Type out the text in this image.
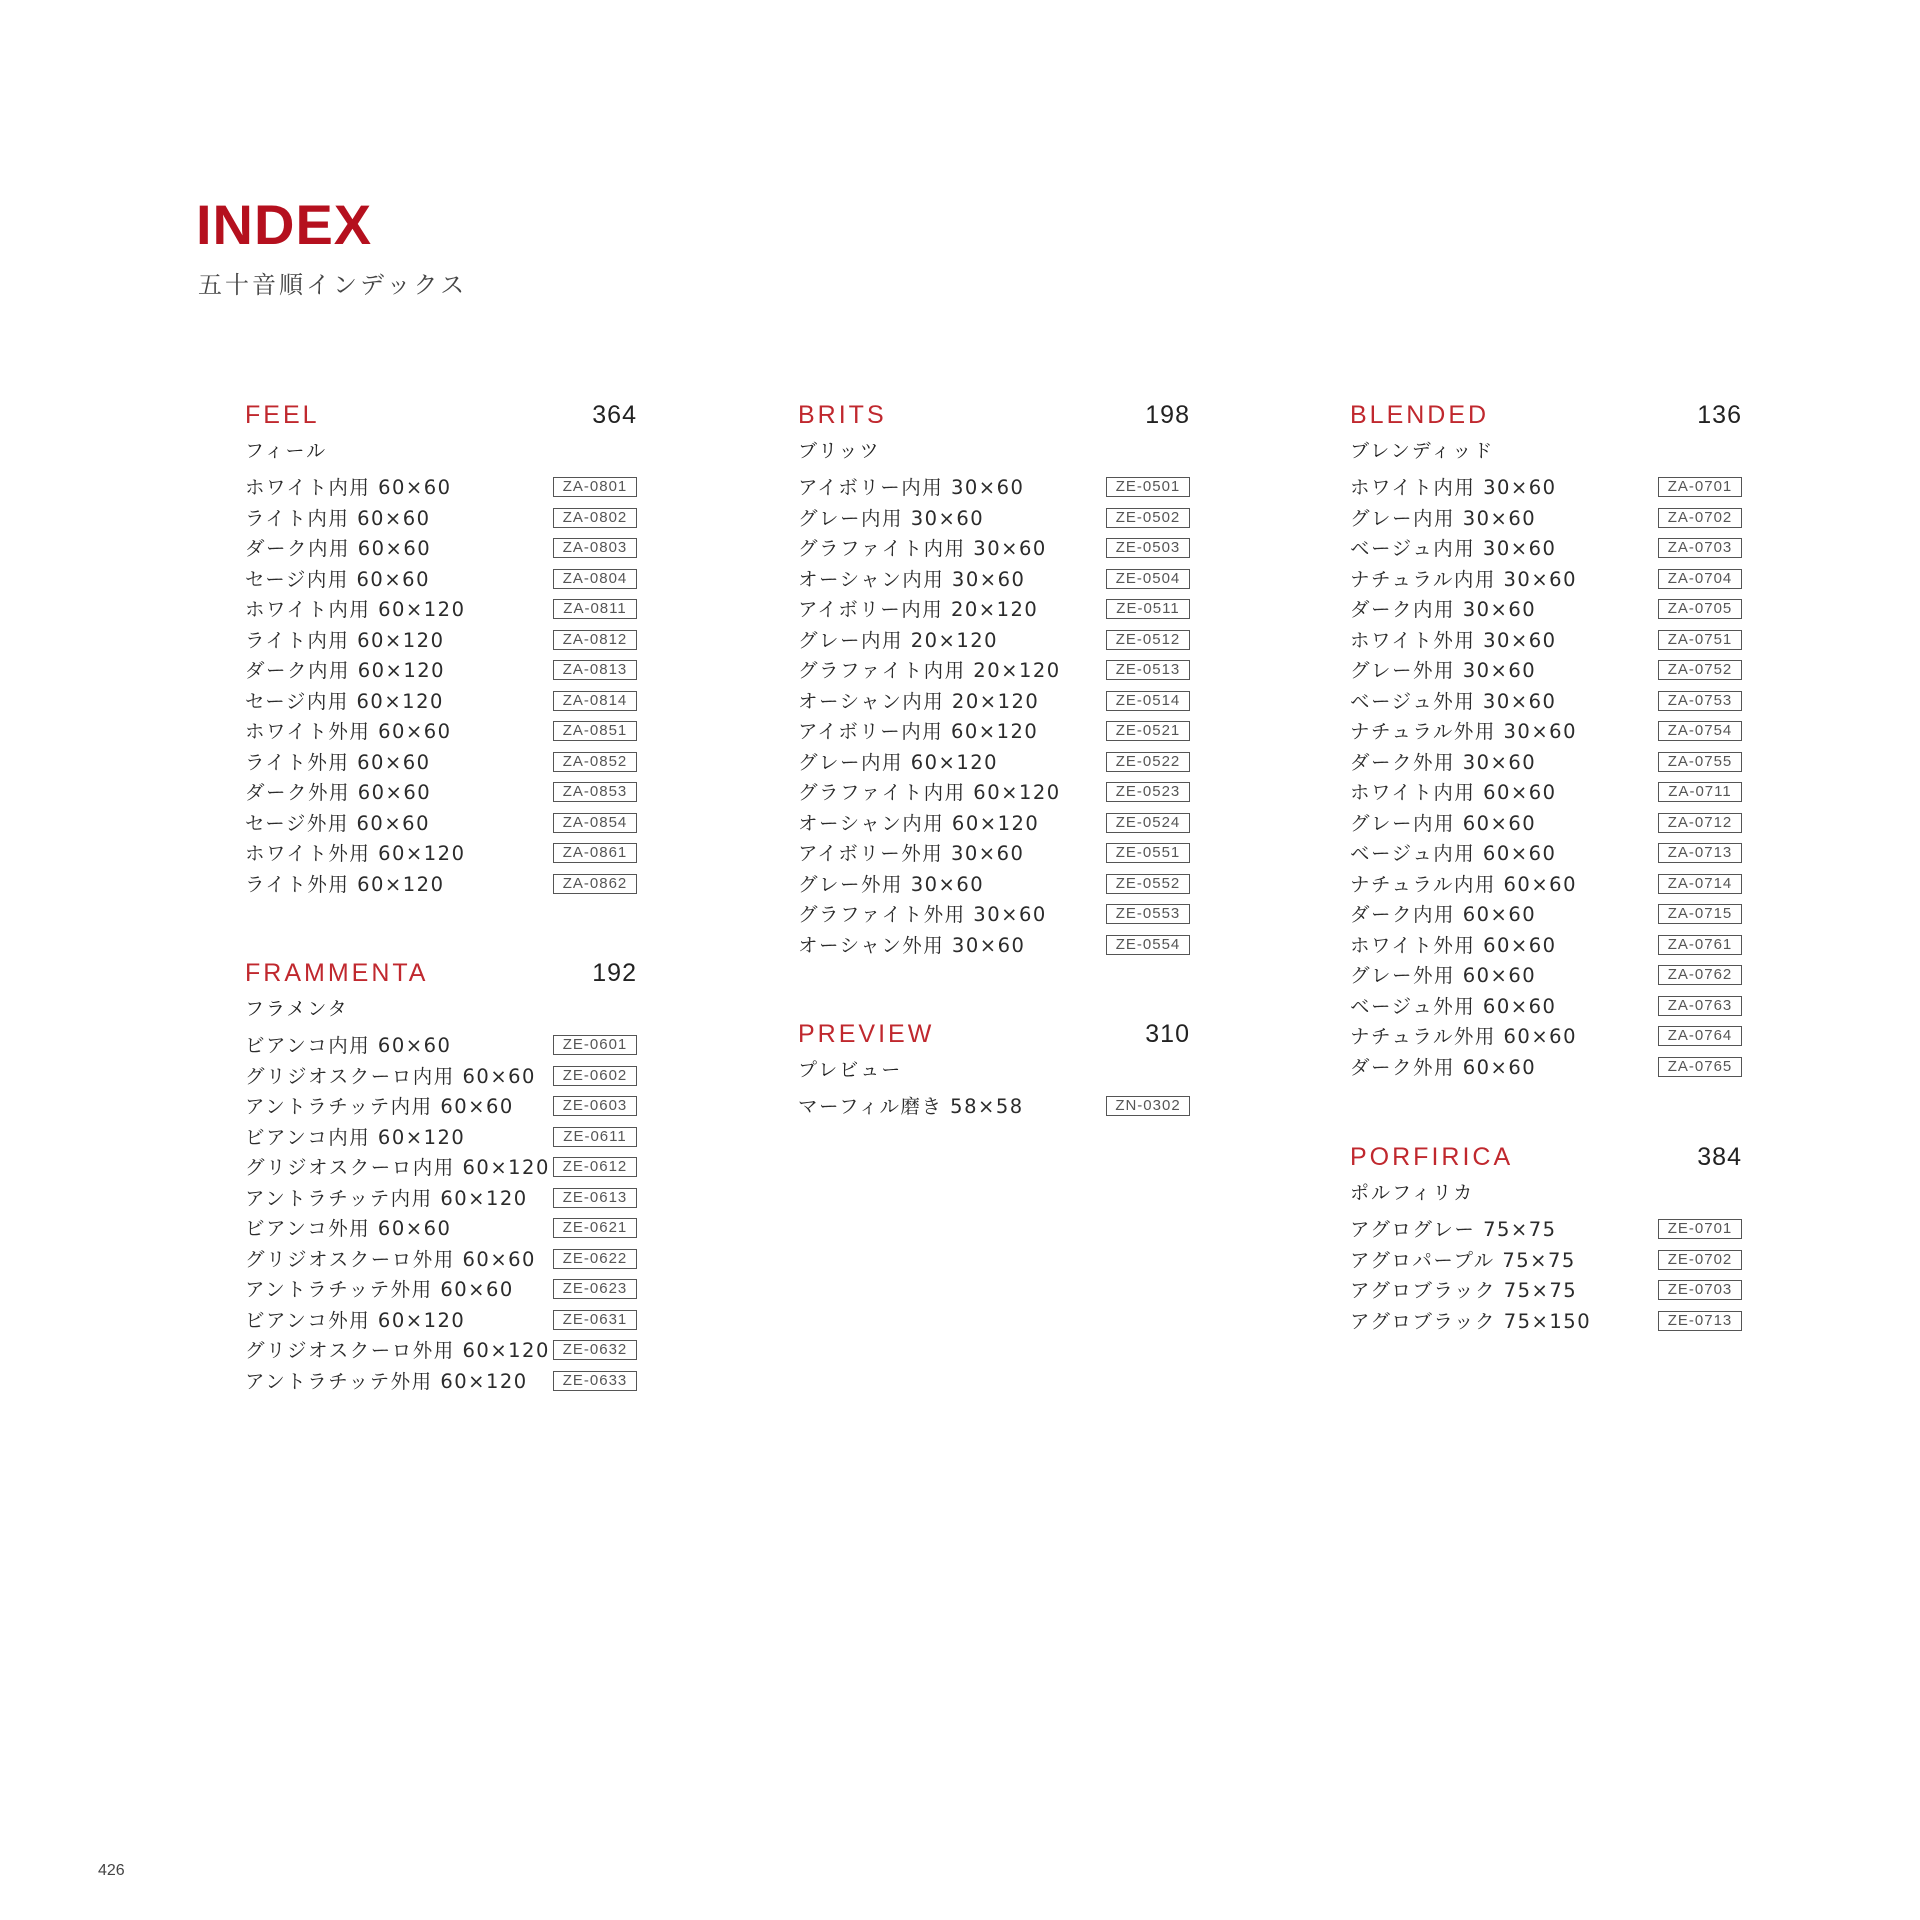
INDEX
五十音順インデックス
FEEL	364
フィール
ホワイト内用 60×60	ZA-0801
ライト内用 60×60	ZA-0802
ダーク内用 60×60	ZA-0803
セージ内用 60×60	ZA-0804
ホワイト内用 60×120	ZA-0811
ライト内用 60×120	ZA-0812
ダーク内用 60×120	ZA-0813
セージ内用 60×120	ZA-0814
ホワイト外用 60×60	ZA-0851
ライト外用 60×60	ZA-0852
ダーク外用 60×60	ZA-0853
セージ外用 60×60	ZA-0854
ホワイト外用 60×120	ZA-0861
ライト外用 60×120	ZA-0862
FRAMMENTA	192
フラメンタ
ビアンコ内用 60×60	ZE-0601
グリジオスクーロ内用 60×60	ZE-0602
アントラチッテ内用 60×60	ZE-0603
ビアンコ内用 60×120	ZE-0611
グリジオスクーロ内用 60×120 ZE-0612
アントラチッテ内用 60×120	ZE-0613
ビアンコ外用 60×60	ZE-0621
グリジオスクーロ外用 60×60	ZE-0622
アントラチッテ外用 60×60	ZE-0623
ビアンコ外用 60×120	ZE-0631
グリジオスクーロ外用 60×120 ZE-0632
アントラチッテ外用 60×120	ZE-0633
BRITS	198
ブリッツ
アイボリー内用 30×60	ZE-0501
グレー内用 30×60	ZE-0502
グラファイト内用 30×60	ZE-0503
オーシャン内用 30×60	ZE-0504
アイボリー内用 20×120	ZE-0511
グレー内用 20×120	ZE-0512
グラファイト内用 20×120	ZE-0513
オーシャン内用 20×120	ZE-0514
アイボリー内用 60×120	ZE-0521
グレー内用 60×120	ZE-0522
グラファイト内用 60×120	ZE-0523
オーシャン内用 60×120	ZE-0524
アイボリー外用 30×60	ZE-0551
グレー外用 30×60	ZE-0552
グラファイト外用 30×60	ZE-0553
オーシャン外用 30×60	ZE-0554
PREVIEW	310
プレビュー
マーフィル磨き 58×58	ZN-0302
BLENDED	136
ブレンディッド
ホワイト内用 30×60	ZA-0701
グレー内用 30×60	ZA-0702
ベージュ内用 30×60	ZA-0703
ナチュラル内用 30×60	ZA-0704
ダーク内用 30×60	ZA-0705
ホワイト外用 30×60	ZA-0751
グレー外用 30×60	ZA-0752
ベージュ外用 30×60	ZA-0753
ナチュラル外用 30×60	ZA-0754
ダーク外用 30×60	ZA-0755
ホワイト内用 60×60	ZA-0711
グレー内用 60×60	ZA-0712
ベージュ内用 60×60	ZA-0713
ナチュラル内用 60×60	ZA-0714
ダーク内用 60×60	ZA-0715
ホワイト外用 60×60	ZA-0761
グレー外用 60×60	ZA-0762
ベージュ外用 60×60	ZA-0763
ナチュラル外用 60×60	ZA-0764
ダーク外用 60×60	ZA-0765
PORFIRICA	384
ポルフィリカ
アグログレー 75×75	ZE-0701
アグロパープル 75×75	ZE-0702
アグロブラック 75×75	ZE-0703
アグロブラック 75×150	ZE-0713
426
